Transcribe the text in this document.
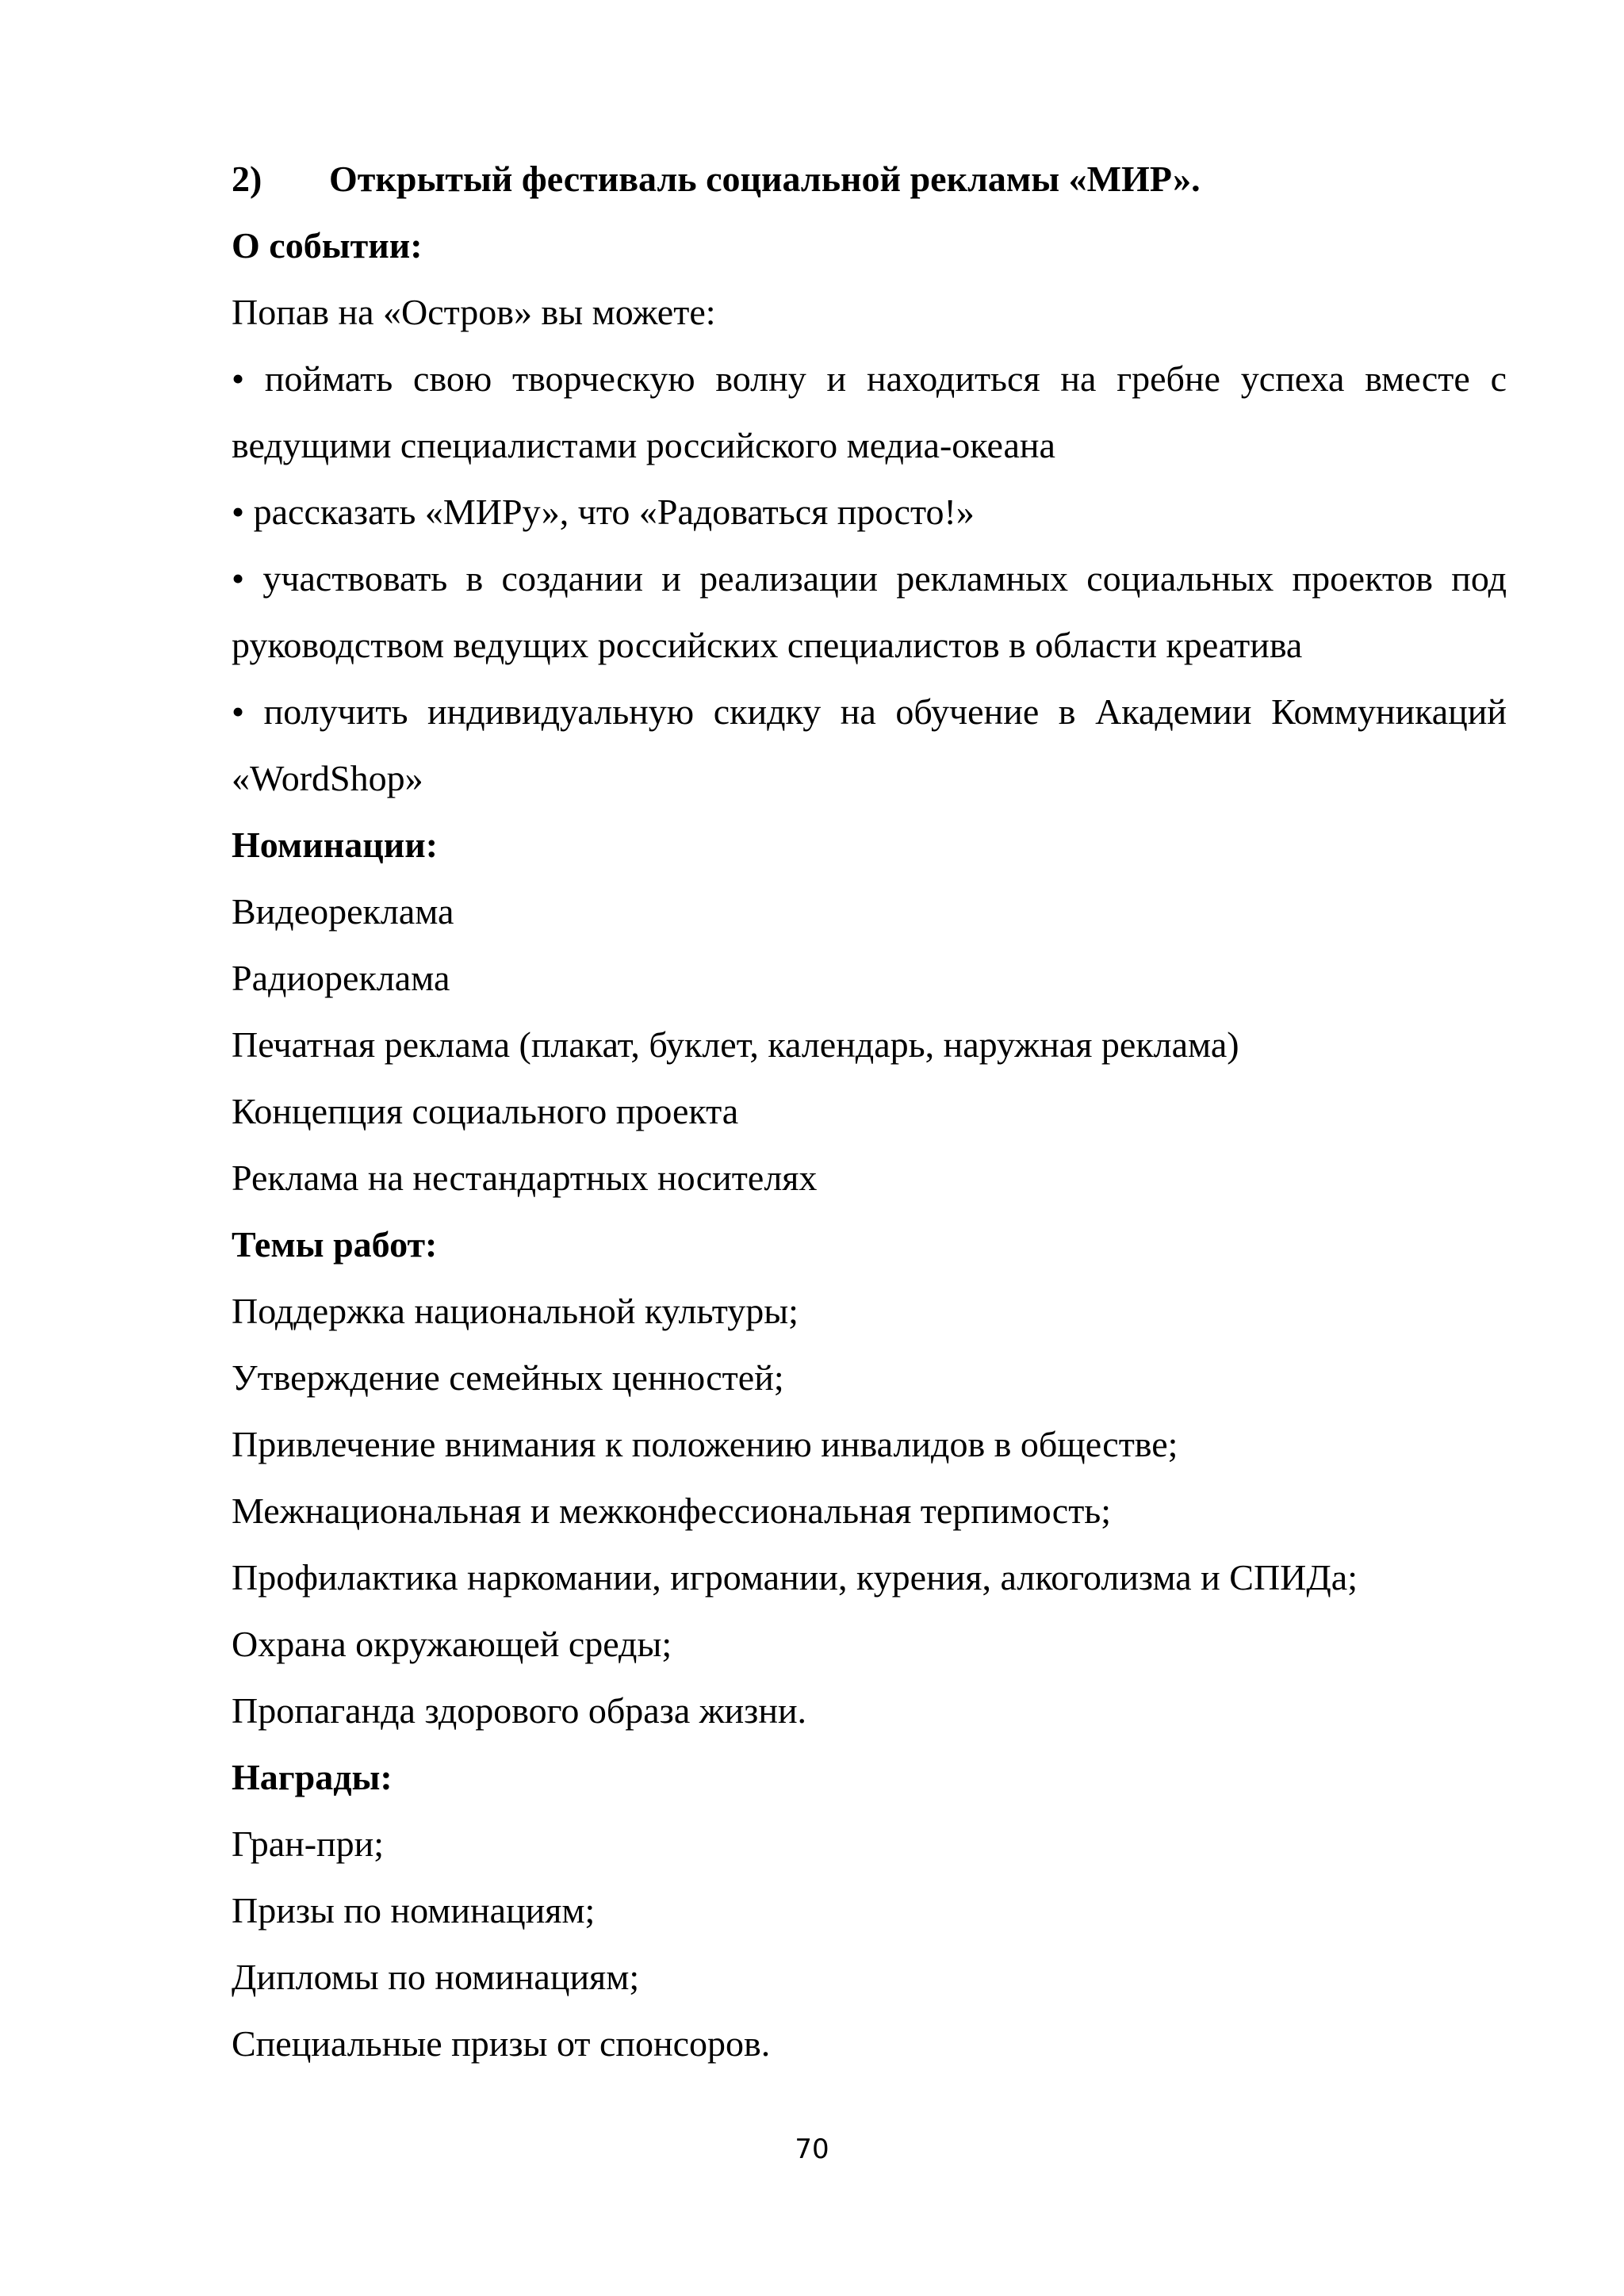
2) Открытый фестиваль социальной рекламы «МИР».
О событии:
Попав на «Остров» вы можете:
• поймать свою творческую волну и находиться на гребне успеха вместе с
ведущими специалистами российского медиа-океана
• рассказать «МИРу», что «Радоваться просто!»
• участвовать в создании и реализации рекламных социальных проектов под
руководством ведущих российских специалистов в области креатива
• получить индивидуальную скидку на обучение в Академии Коммуникаций
«WordShop»
Номинации:
Видеореклама
Радиореклама
Печатная реклама (плакат, буклет, календарь, наружная реклама)
Концепция социального проекта
Реклама на нестандартных носителях
Темы работ:
Поддержка национальной культуры;
Утверждение семейных ценностей;
Привлечение внимания к положению инвалидов в обществе;
Межнациональная и межконфессиональная терпимость;
Профилактика наркомании, игромании, курения, алкоголизма и СПИДа;
Охрана окружающей среды;
Пропаганда здорового образа жизни.
Награды:
Гран-при;
Призы по номинациям;
Дипломы по номинациям;
Специальные призы от спонсоров.
70
